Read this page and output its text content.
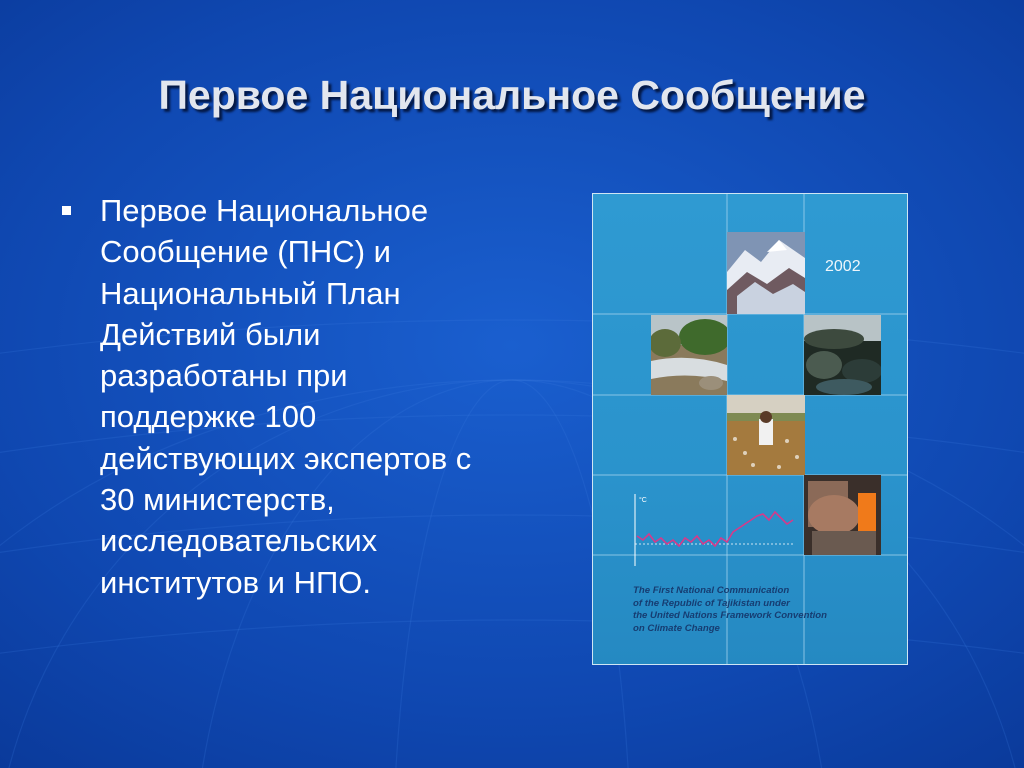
Первое Национальное Сообщение

Первое Национальное Сообщение (ПНС) и Национальный План Действий были разработаны при поддержке 100 действующих экспертов с 30 министерств, исследовательских институтов и НПО.

2002
°C
The First National Communication
of the Republic of Tajikistan under
the United Nations Framework Convention
on Climate Change
